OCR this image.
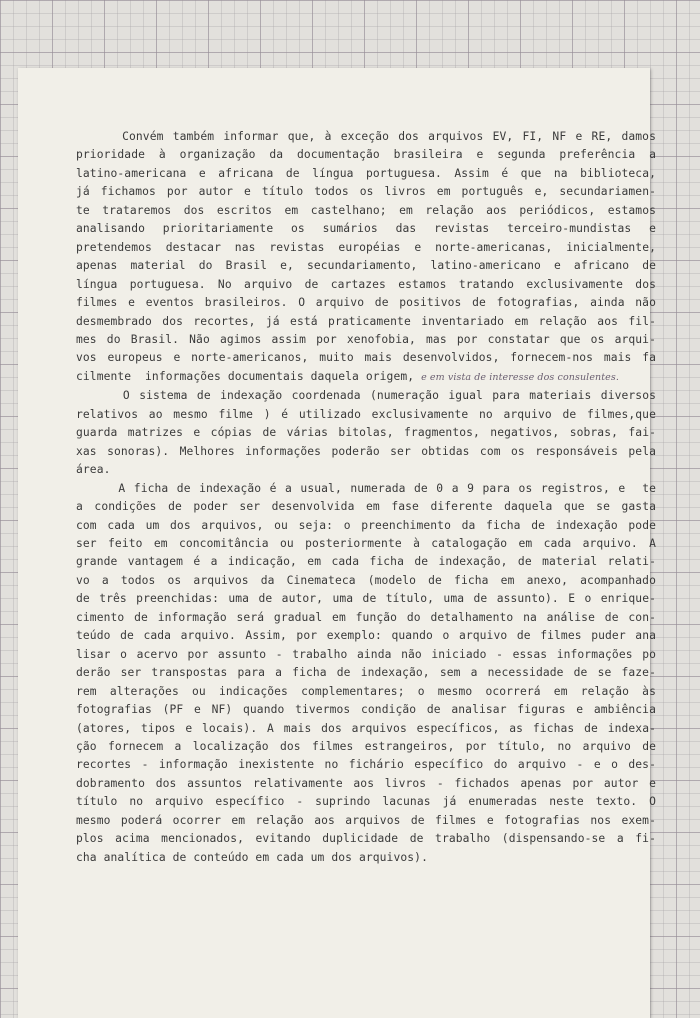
Convém também informar que, à exceção dos arquivos EV, FI, NF e RE, damos
prioridade à organização da documentação brasileira e segunda preferência a
latino-americana e africana de língua portuguesa. Assim é que na biblioteca,
já fichamos por autor e título todos os livros em português e, secundariamen-
te trataremos dos escritos em castelhano; em relação aos periódicos, estamos
analisando prioritariamente os sumários das revistas terceiro-mundistas e
pretendemos destacar nas revistas européias e norte-americanas, inicialmente,
apenas material do Brasil e, secundariamento, latino-americano e africano de
língua portuguesa. No arquivo de cartazes estamos tratando exclusivamente dos
filmes e eventos brasileiros. O arquivo de positivos de fotografias, ainda não
desmembrado dos recortes, já está praticamente inventariado em relação aos fil-
mes do Brasil. Não agimos assim por xenofobia, mas por constatar que os arqui-
vos europeus e norte-americanos, muito mais desenvolvidos, fornecem-nos mais fa
cilmente  informações documentais daquela origem, e em vista de interesse dos consulentes.
O sistema de indexação coordenada (numeração igual para materiais diversos
relativos ao mesmo filme ) é utilizado exclusivamente no arquivo de filmes,que
guarda matrizes e cópias de várias bitolas, fragmentos, negativos, sobras, fai-
xas sonoras). Melhores informações poderão ser obtidas com os responsáveis pela
área.
A ficha de indexação é a usual, numerada de 0 a 9 para os registros, e  te
a condições de poder ser desenvolvida em fase diferente daquela que se gasta
com cada um dos arquivos, ou seja: o preenchimento da ficha de indexação pode
ser feito em concomitância ou posteriormente à catalogação em cada arquivo. A
grande vantagem é a indicação, em cada ficha de indexação, de material relati-
vo a todos os arquivos da Cinemateca (modelo de ficha em anexo, acompanhado
de três preenchidas: uma de autor, uma de título, uma de assunto). E o enrique-
cimento de informação será gradual em função do detalhamento na análise de con-
teúdo de cada arquivo. Assim, por exemplo: quando o arquivo de filmes puder ana
lisar o acervo por assunto - trabalho ainda não iniciado - essas informações po
derão ser transpostas para a ficha de indexação, sem a necessidade de se faze-
rem alterações ou indicações complementares; o mesmo ocorrerá em relação às
fotografias (PF e NF) quando tivermos condição de analisar figuras e ambiência
(atores, tipos e locais). A mais dos arquivos específicos, as fichas de indexa-
ção fornecem a localização dos filmes estrangeiros, por título, no arquivo de
recortes - informação inexistente no fichário específico do arquivo - e o des-
dobramento dos assuntos relativamente aos livros - fichados apenas por autor e
título no arquivo específico - suprindo lacunas já enumeradas neste texto. O
mesmo poderá ocorrer em relação aos arquivos de filmes e fotografias nos exem-
plos acima mencionados, evitando duplicidade de trabalho (dispensando-se a fi-
cha analítica de conteúdo em cada um dos arquivos).
